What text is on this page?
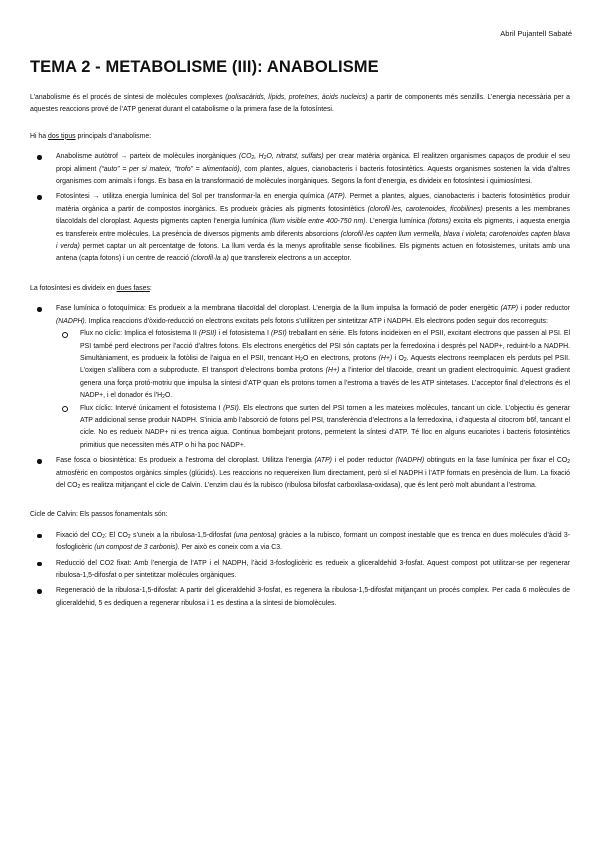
Abril Pujantell Sabaté
TEMA 2 - METABOLISME (III): ANABOLISME

L’anabolisme és el procés de síntesi de molècules complexes (polisacàrids, lípids, proteïnes, àcids nucleics) a partir de components més senzills. L’energia necessària per a aquestes reaccions prové de l’ATP generat durant el catabolisme o la primera fase de la fotosíntesi.

Hi ha dos tipus principals d’anabolisme:

Anabolisme autòtrof → parteix de molècules inorgàniques ($CO_2$, $H_2O$, nitratst, sulfats) per crear matèria orgànica. El realitzen organismes capaços de produir el seu propi aliment (“auto” = per si mateix, “trofo” = alimentació), com plantes, algues, cianobacteris i bacteris fotosintètics. Aquests organismes sostenen la vida d’altres organismes com animals i fongs. Es basa en la transformació de molècules inorgàniques. Segons la font d’energia, es divideix en fotosíntesi i quimiosíntesi.
Fotosíntesi → utilitza energia lumínica del Sol per transformar-la en energia química (ATP). Permet a plantes, algues, cianobacteris i bacteris fotosintètics produir matèria orgànica a partir de compostos inorgànics. Es produeix gràcies als pigments fotosintètics (clorofil·les, carotenoides, ficobilines) presents a les membranes tilacoïdals del cloroplast. Aquests pigments capten l’energia lumínica (llum visible entre 400-750 nm). L’energia lumínica (fotons) excita els pigments, i aquesta energia es transfereix entre molècules. La presència de diversos pigments amb diferents absorcions (clorofil·les capten llum vermella, blava i violeta; carotenoides capten blava i verda) permet captar un alt percentatge de fotons. La llum verda és la menys aprofitable sense ficobilines. Els pigments actuen en fotosistemes, unitats amb una antena (capta fotons) i un centre de reacció (clorofil·la a) que transfereix electrons a un acceptor.

La fotosíntesi es divideix en dues fases:

Fase lumínica o fotoquímica: Es produeix a la membrana tilacoïdal del cloroplast. L’energia de la llum impulsa la formació de poder energètic (ATP) i poder reductor (NADPH). Implica reaccions d’òxido-reducció on electrons excitats pels fotons s’utilitzen per sintetitzar ATP i NADPH. Els electrons poden seguir dos recorreguts:
Flux no cíclic: Implica el fotosistema II (PSII) i el fotosistema I (PSI) treballant en sèrie. Els fotons incideixen en el PSII, excitant electrons que passen al PSI. El PSI també perd electrons per l’acció d’altres fotons. Els electrons energètics del PSI són captats per la ferredoxina i després pel NADP+, reduint-lo a NADPH. Simultàniament, es produeix la fotòlisi de l’aigua en el PSII, trencant $H_2O$ en electrons, protons (H+) i $O_2$. Aquests electrons reemplacen els perduts pel PSII. L’oxigen s’allibera com a subproducte. El transport d’electrons bomba protons (H+) a l’interior del tilacoide, creant un gradient electroquímic. Aquest gradient genera una força protó-motriu que impulsa la síntesi d’ATP quan els protons tornen a l’estroma a través de les ATP sintetases. L’acceptor final d’electrons és el NADP+, i el donador és $l’H_2O$.
Flux cíclic: Intervé únicament el fotosistema I (PSI). Els electrons que surten del PSI tornen a les mateixes molècules, tancant un cicle. L’objectiu és generar ATP addicional sense produir NADPH. S’inicia amb l’absorció de fotons pel PSI, transferència d’electrons a la ferredoxina, i d’aquesta al citocrom b6f, tancant el cicle. No es redueix NADP+ ni es trenca aigua. Continua bombejant protons, permetent la síntesi d’ATP. Té lloc en alguns eucariotes i bacteris fotosintètics primitius que necessiten més ATP o hi ha poc NADP+.
Fase fosca o biosintètica: Es produeix a l’estroma del cloroplast. Utilitza l’energia (ATP) i el poder reductor (NADPH) obtinguts en la fase lumínica per fixar el $CO_2$ atmosfèric en compostos orgànics simples (glúcids). Les reaccions no requereixen llum directament, però sí el NADPH i l’ATP formats en presència de llum. La fixació del $CO_2$ es realitza mitjançant el cicle de Calvin. L’enzim clau és la rubisco (ribulosa bifosfat carboxilasa-oxidasa), que és lent però molt abundant a l’estroma.

Cicle de Calvin: Els passos fonamentals són:

Fixació del $CO_2$: El $CO_2$ s’uneix a la ribulosa-1,5-difosfat (una pentosa) gràcies a la rubisco, formant un compost inestable que es trenca en dues molècules d’àcid 3-fosfoglicèric (un compost de 3 carbonis). Per això es coneix com a via C3.
Reducció del CO2 fixat: Amb l’energia de l’ATP i el NADPH, l’àcid 3-fosfoglicèric es redueix a gliceraldehid 3-fosfat. Aquest compost pot utilitzar-se per regenerar ribulosa-1,5-difosfat o per sintetitzar molècules orgàniques.
Regeneració de la ribulosa-1,5-difosfat: A partir del gliceraldehid 3-fosfat, es regenera la ribulosa-1,5-difosfat mitjançant un procés complex. Per cada 6 molècules de gliceraldehid, 5 es dediquen a regenerar ribulosa i 1 es destina a la síntesi de biomolècules.
